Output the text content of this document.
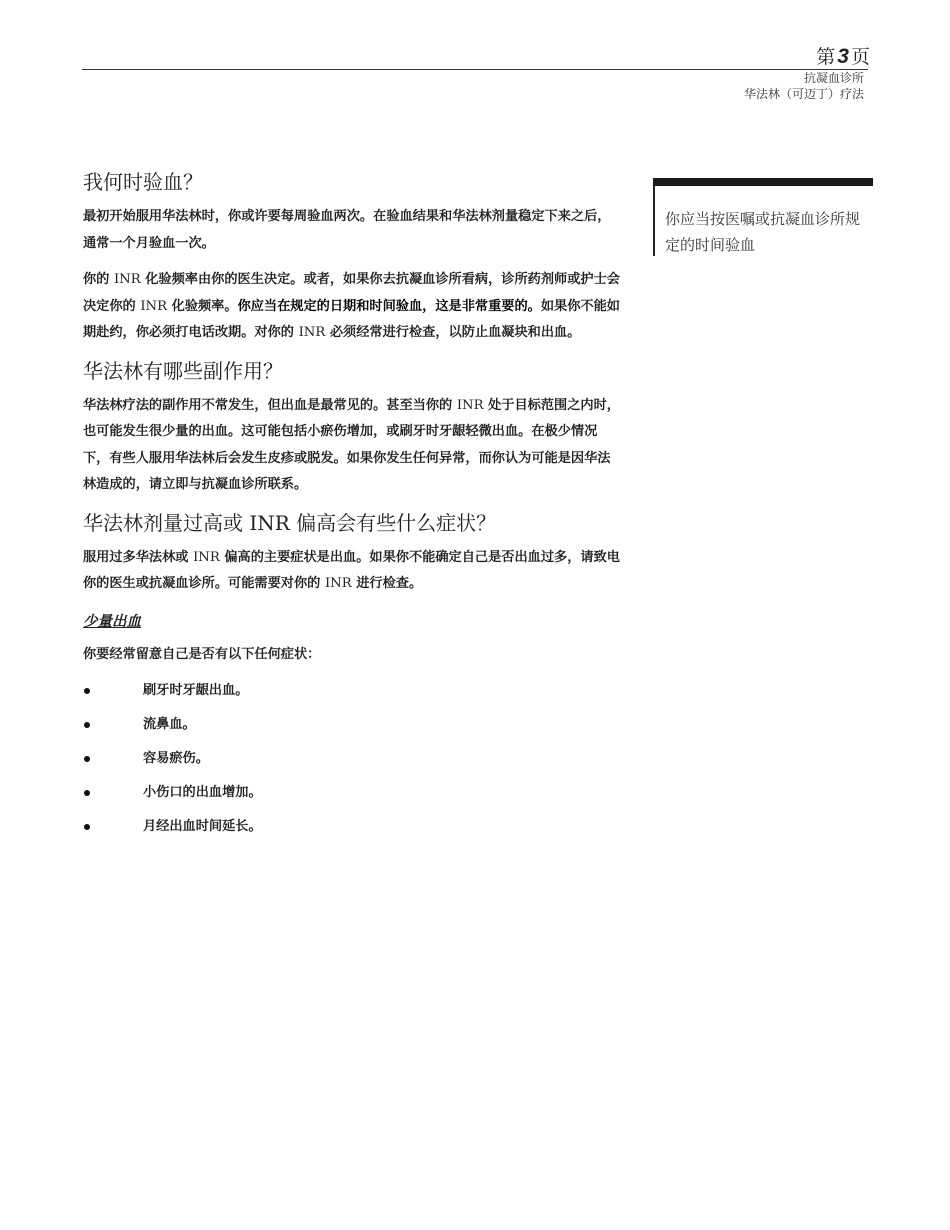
第3 页
抗凝血诊所
华法林（可迈丁）疗法
我何时验血？

最初开始服用华法林时，你或许要每周验血两次。在验血结果和华法林剂量稳定下来之后，通常一个月验血一次。

你的 INR 化验频率由你的医生决定。或者，如果你去抗凝血诊所看病，诊所药剂师或护士会决定你的 INR 化验频率。你应当在规定的日期和时间验血，这是非常重要的。如果你不能如期赴约，你必须打电话改期。对你的 INR 必须经常进行检查，以防止血凝块和出血。

华法林有哪些副作用？

华法林疗法的副作用不常发生，但出血是最常见的。甚至当你的 INR 处于目标范围之内时，也可能发生很少量的出血。这可能包括小瘀伤增加，或刷牙时牙龈轻微出血。在极少情况下，有些人服用华法林后会发生皮疹或脱发。如果你发生任何异常，而你认为可能是因华法林造成的，请立即与抗凝血诊所联系。

华法林剂量过高或 INR 偏高会有些什么症状？

服用过多华法林或 INR 偏高的主要症状是出血。如果你不能确定自己是否出血过多，请致电你的医生或抗凝血诊所。可能需要对你的 INR 进行检查。

少量出血
你要经常留意自己是否有以下任何症状：
刷牙时牙龈出血。
流鼻血。
容易瘀伤。
小伤口的出血增加。
月经出血时间延长。
你应当按医嘱或抗凝血诊所规定的时间验血
